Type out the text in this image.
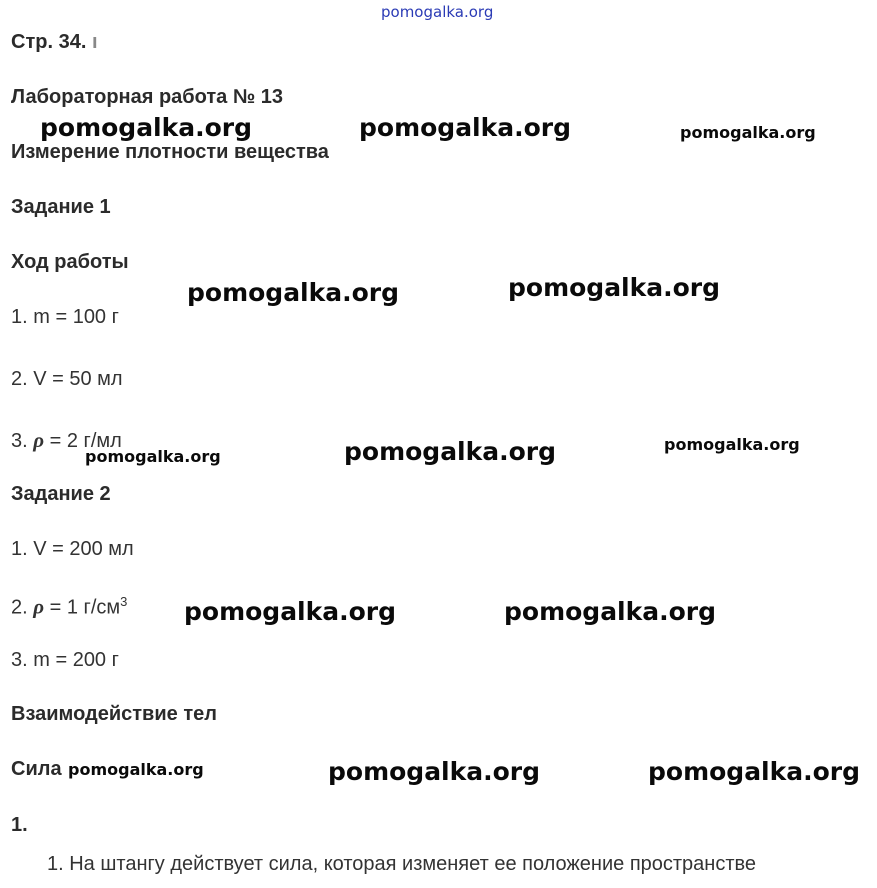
pomogalka.org
Стр. 34. ı
Лабораторная работа № 13
Измерение плотности вещества
Задание 1
Ход работы
1. m = 100 г
2. V = 50 мл
3. ρ = 2 г/мл
Задание 2
1. V = 200 мл
2. ρ = 1 $г/см^3$
3. m = 200 г
Взаимодействие тел
Сила
1.
1. На штангу действует сила, которая изменяет ее положение пространстве
pomogalka.org	pomogalka.org	pomogalka.org
pomogalka.org	pomogalka.org
pomogalka.org	pomogalka.org	pomogalka.org
pomogalka.org	pomogalka.org
pomogalka.org	pomogalka.org	pomogalka.org
